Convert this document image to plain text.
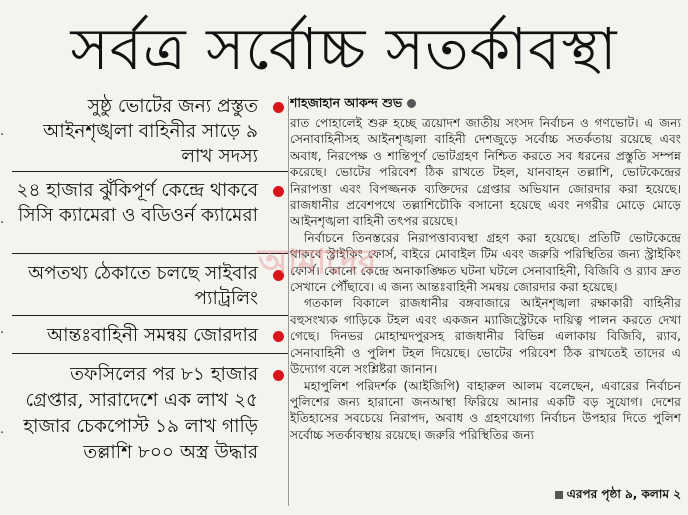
সর্বত্র সর্বোচ্চ সতর্কাবস্থা
·
·
·
·
সুষ্ঠু ভোটের জন্য প্রস্তুত আইনশৃঙ্খলা বাহিনীর সাড়ে ৯ লাখ সদস্য
২৪ হাজার ঝুঁকিপূর্ণ কেন্দ্রে থাকবে সিসি ক্যামেরা ও বডিওর্ন ক্যামেরা
অপতথ্য ঠেকাতে চলছে সাইবার প্যাট্রলিং
আন্তঃবাহিনী সমন্বয় জোরদার
তফসিলের পর ৮১ হাজার গ্রেপ্তার, সারাদেশে এক লাখ ২৫ হাজার চেকপোস্ট ১৯ লাখ গাড়ি তল্লাশি ৮০০ অস্ত্র উদ্ধার
শাহজাহান আকন্দ শুভ

রাত পোহালেই শুরু হচ্ছে ত্রয়োদশ জাতীয় সংসদ নির্বাচন ও গণভোট। এ জন্য সেনাবাহিনীসহ আইনশৃঙ্খলা বাহিনী দেশজুড়ে সর্বোচ্চ সতর্কতায় রয়েছে এবং অবাধ, নিরপেক্ষ ও শান্তিপূর্ণ ভোটগ্রহণ নিশ্চিত করতে সব ধরনের প্রস্তুতি সম্পন্ন করেছে। ভোটের পরিবেশ ঠিক রাখতে টহল, যানবাহন তল্লাশি, ভোটকেন্দ্রের নিরাপত্তা এবং বিপজ্জনক ব্যক্তিদের গ্রেপ্তার অভিযান জোরদার করা হয়েছে। রাজধানীর প্রবেশপথে তল্লাশিচৌকি বসানো হয়েছে এবং নগরীর মোড়ে মোড়ে আইনশৃঙ্খলা বাহিনী তৎপর রয়েছে।

নির্বাচনে তিনস্তরের নিরাপত্তাব্যবস্থা গ্রহণ করা হয়েছে। প্রতিটি ভোটকেন্দ্রে থাকবে স্ট্রাইকিং ফোর্স, বাইরে মোবাইল টিম এবং জরুরি পরিস্থিতির জন্য স্ট্রাইকিং ফোর্স। কোনো কেন্দ্রে অনাকাঙ্ক্ষিত ঘটনা ঘটলে সেনাবাহিনী, বিজিবি ও র‌্যাব দ্রুত সেখানে পৌঁছাবে। এ জন্য আন্তঃবাহিনী সমন্বয় জোরদার করা হয়েছে।

গতকাল বিকালে রাজধানীর বঙ্গবাজারে আইনশৃঙ্খলা রক্ষাকারী বাহিনীর বহুসংখ্যক গাড়িকে টহল এবং একজন ম্যাজিস্ট্রেটকে দায়িত্ব পালন করতে দেখা গেছে। দিনভর মোহাম্মদপুরসহ রাজধানীর বিভিন্ন এলাকায় বিজিবি, র‌্যাব, সেনাবাহিনী ও পুলিশ টহল দিয়েছে। ভোটের পরিবেশ ঠিক রাখতেই তাদের এ উদ্যোগ বলে সংশ্লিষ্টরা জানান।

মহাপুলিশ পরিদর্শক (আইজিপি) বাহারুল আলম বলেছেন, এবারের নির্বাচন পুলিশের জন্য হারানো জনআস্থা ফিরিয়ে আনার একটি বড় সুযোগ। দেশের ইতিহাসের সবচেয়ে নিরাপদ, অবাধ ও গ্রহণযোগ্য নির্বাচন উপহার দিতে পুলিশ সর্বোচ্চ সতর্কাবস্থায় রয়েছে। জরুরি পরিস্থিতির জন্য

এরপর পৃষ্ঠা ৯, কলাম ২
আমাদের
